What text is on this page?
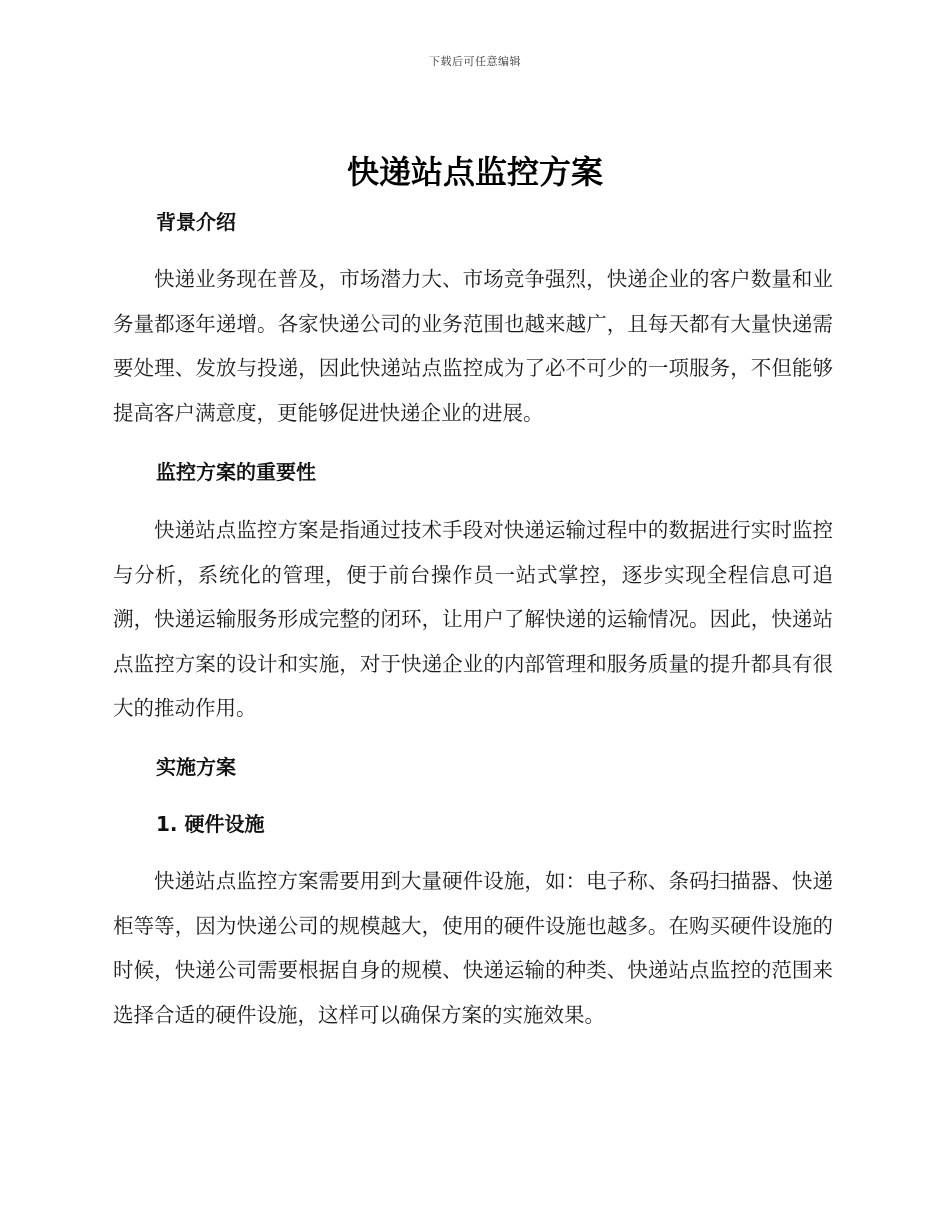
下载后可任意编辑
快递站点监控方案
背景介绍

快递业务现在普及，市场潜力大、市场竞争强烈，快递企业的客户数量和业务量都逐年递增。各家快递公司的业务范围也越来越广，且每天都有大量快递需要处理、发放与投递，因此快递站点监控成为了必不可少的一项服务，不但能够提高客户满意度，更能够促进快递企业的进展。

监控方案的重要性

快递站点监控方案是指通过技术手段对快递运输过程中的数据进行实时监控与分析，系统化的管理，便于前台操作员一站式掌控，逐步实现全程信息可追溯，快递运输服务形成完整的闭环，让用户了解快递的运输情况。因此，快递站点监控方案的设计和实施，对于快递企业的内部管理和服务质量的提升都具有很大的推动作用。

实施方案
1. 硬件设施

快递站点监控方案需要用到大量硬件设施，如：电子称、条码扫描器、快递柜等等，因为快递公司的规模越大，使用的硬件设施也越多。在购买硬件设施的时候，快递公司需要根据自身的规模、快递运输的种类、快递站点监控的范围来选择合适的硬件设施，这样可以确保方案的实施效果。
